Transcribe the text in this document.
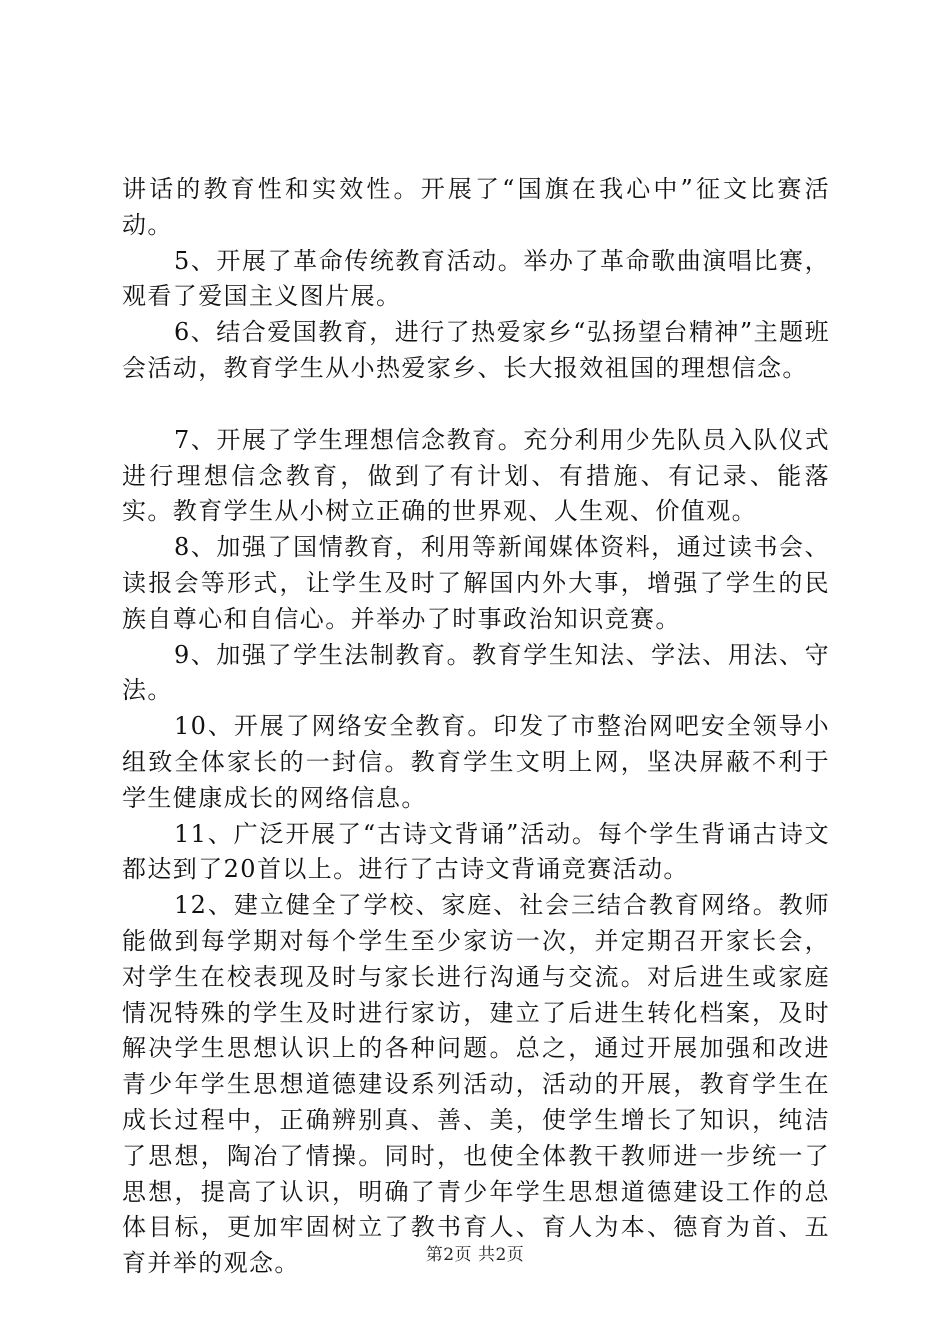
讲话的教育性和实效性。开展了“国旗在我心中”征文比赛活动。

5、开展了革命传统教育活动。举办了革命歌曲演唱比赛，观看了爱国主义图片展。

6、结合爱国教育，进行了热爱家乡“弘扬望台精神”主题班会活动，教育学生从小热爱家乡、长大报效祖国的理想信念。

7、开展了学生理想信念教育。充分利用少先队员入队仪式进行理想信念教育，做到了有计划、有措施、有记录、能落实。教育学生从小树立正确的世界观、人生观、价值观。

8、加强了国情教育，利用等新闻媒体资料，通过读书会、读报会等形式，让学生及时了解国内外大事，增强了学生的民族自尊心和自信心。并举办了时事政治知识竞赛。

9、加强了学生法制教育。教育学生知法、学法、用法、守法。

10、开展了网络安全教育。印发了市整治网吧安全领导小组致全体家长的一封信。教育学生文明上网，坚决屏蔽不利于学生健康成长的网络信息。

11、广泛开展了“古诗文背诵”活动。每个学生背诵古诗文都达到了20首以上。进行了古诗文背诵竞赛活动。

12、建立健全了学校、家庭、社会三结合教育网络。教师能做到每学期对每个学生至少家访一次，并定期召开家长会，对学生在校表现及时与家长进行沟通与交流。对后进生或家庭情况特殊的学生及时进行家访，建立了后进生转化档案，及时解决学生思想认识上的各种问题。总之，通过开展加强和改进青少年学生思想道德建设系列活动，活动的开展，教育学生在成长过程中，正确辨别真、善、美，使学生增长了知识，纯洁了思想，陶冶了情操。同时，也使全体教干教师进一步统一了思想，提高了认识，明确了青少年学生思想道德建设工作的总体目标，更加牢固树立了教书育人、育人为本、德育为首、五育并举的观念。	第2页 共2页
